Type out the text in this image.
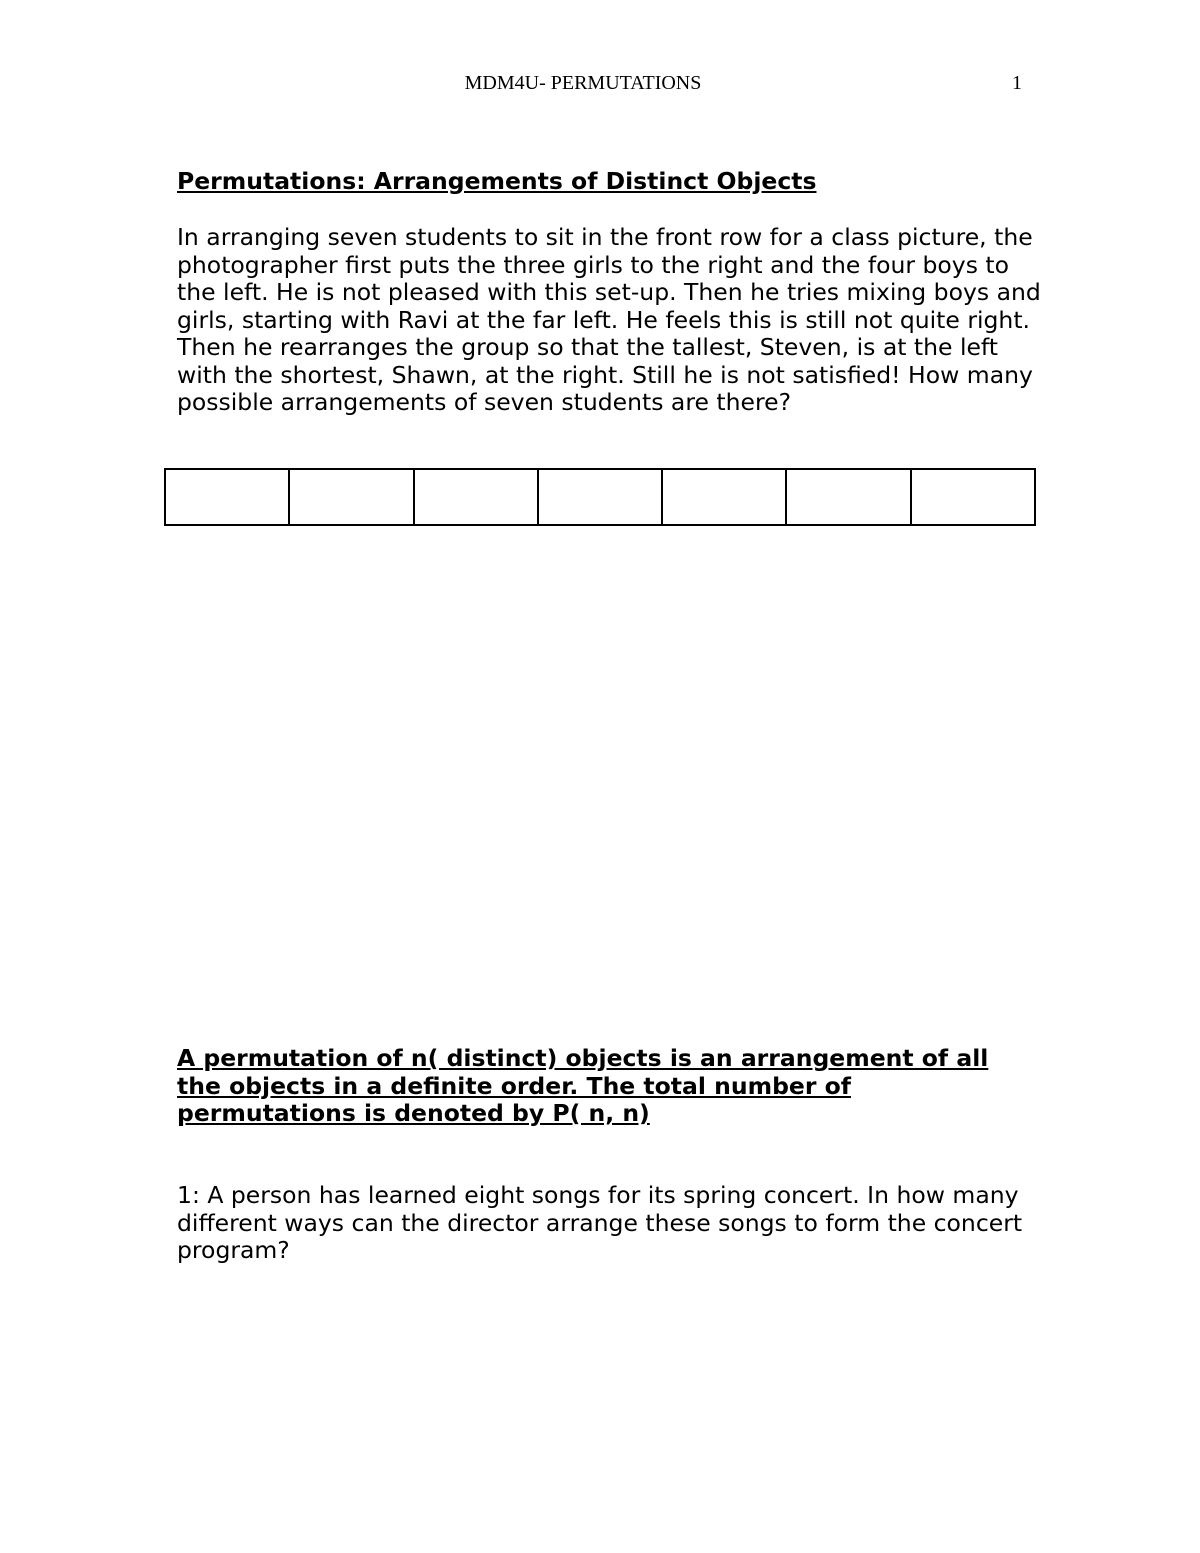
MDM4U- PERMUTATIONS	1

Permutations: Arrangements of Distinct Objects

In arranging seven students to sit in the front row for a class picture, the photographer first puts the three girls to the right and the four boys to the left. He is not pleased with this set-up. Then he tries mixing boys and girls, starting with Ravi at the far left. He feels this is still not quite right. Then he rearranges the group so that the tallest, Steven, is at the left with the shortest, Shawn, at the right. Still he is not satisfied! How many possible arrangements of seven students are there?

A permutation of n( distinct) objects is an arrangement of all the objects in a definite order. The total number of permutations is denoted by P( n, n)

1: A person has learned eight songs for its spring concert. In how many different ways can the director arrange these songs to form the concert program?
